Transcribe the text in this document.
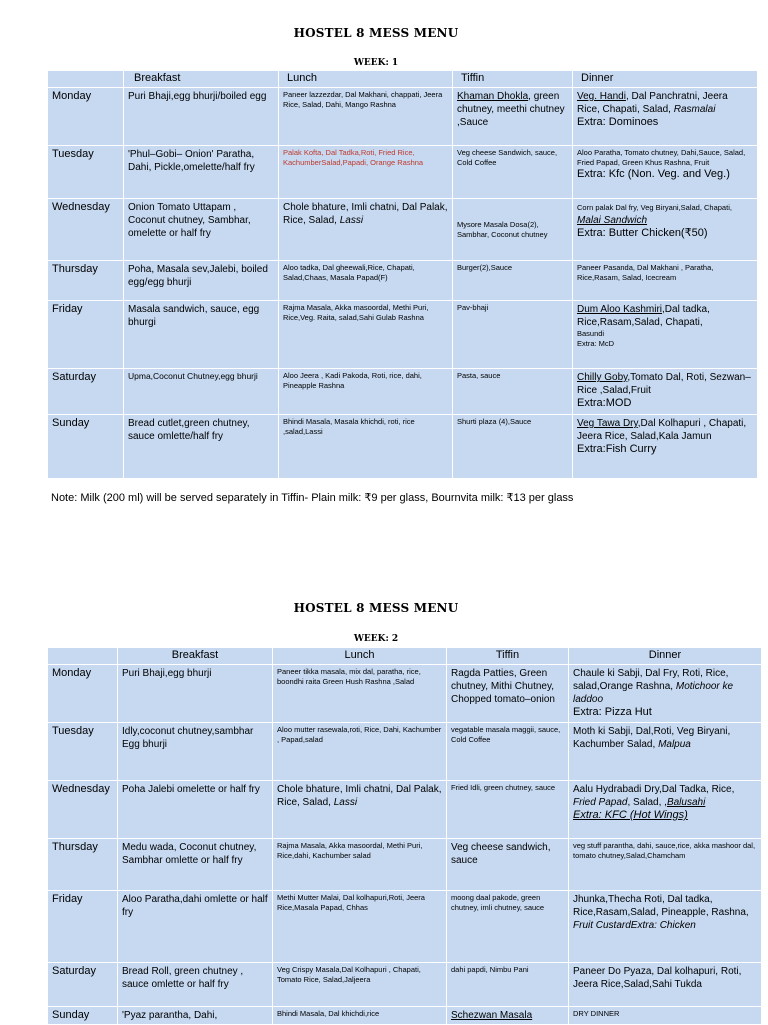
HOSTEL 8 MESS MENU
WEEK: 1
	Breakfast	Lunch	Tiffin	Dinner
Monday	Puri Bhaji,egg bhurji/boiled egg	Paneer lazzezdar, Dal Makhani, chappati, Jeera Rice, Salad, Dahi, Mango Rashna	Khaman Dhokla, green chutney, meethi chutney ,Sauce	Veg. Handi, Dal Panchratni, Jeera Rice, Chapati, Salad, Rasmalai
Extra: Dominoes
Tuesday	'Phul–Gobi– Onion' Paratha, Dahi, Pickle,omelette/half fry	Palak Kofta, Dal Tadka,Roti, Fried Rice, KachumberSalad,Papadi, Orange Rashna	Veg cheese Sandwich, sauce, Cold Coffee	Aloo Paratha, Tomato chutney, Dahi,Sauce, Salad, Fried Papad, Green Khus Rashna, Fruit
Extra: Kfc (Non. Veg. and Veg.)
Wednesday	Onion Tomato Uttapam , Coconut chutney, Sambhar, omelette or half fry	Chole bhature, Imli chatni, Dal Palak, Rice, Salad, Lassi	Mysore Masala Dosa(2), Sambhar, Coconut chutney	Corn palak Dal fry, Veg Biryani,Salad, Chapati, Malai Sandwich
Extra: Butter Chicken(₹50)
Thursday	Poha, Masala sev,Jalebi, boiled egg/egg bhurji	Aloo tadka, Dal gheewali,Rice, Chapati, Salad,Chaas, Masala Papad(F)	Burger(2),Sauce	Paneer Pasanda, Dal Makhani , Paratha, Rice,Rasam, Salad, Icecream
Friday	Masala sandwich, sauce, egg bhurgi	Rajma Masala, Akka masoordal, Methi Puri, Rice,Veg. Raita, salad,Sahi Gulab Rashna	Pav-bhaji	Dum Aloo Kashmiri,Dal tadka, Rice,Rasam,Salad, Chapati,
Basundi
Extra: McD

Saturday	Upma,Coconut Chutney,egg bhurji	Aloo Jeera , Kadi Pakoda, Roti, rice, dahi, Pineapple Rashna	Pasta, sauce	Chilly Goby,Tomato Dal, Roti, Sezwan–Rice ,Salad,Fruit
Extra:MOD
Sunday	Bread cutlet,green chutney, sauce omlette/half fry	Bhindi Masala, Masala khichdi, roti, rice ,salad,Lassi	Shurti plaza (4),Sauce	Veg Tawa Dry,Dal Kolhapuri , Chapati, Jeera Rice, Salad,Kala Jamun
Extra:Fish Curry
Note: Milk (200 ml) will be served separately in Tiffin- Plain milk: ₹9 per glass, Bournvita milk: ₹13 per glass
HOSTEL 8 MESS MENU
WEEK: 2
	Breakfast	Lunch	Tiffin	Dinner
Monday	Puri Bhaji,egg bhurji	Paneer tikka masala, mix dal, paratha, rice, boondhi raita Green Hush Rashna ,Salad	Ragda Patties, Green chutney, Mithi Chutney, Chopped tomato–onion	Chaule ki Sabji, Dal Fry, Roti, Rice, salad,Orange Rashna, Motichoor ke laddoo
Extra: Pizza Hut
Tuesday	Idly,coconut chutney,sambhar Egg bhurji	Aloo mutter rasewala,roti, Rice, Dahi, Kachumber , Papad,salad	vegatable masala maggii, sauce, Cold Coffee	Moth ki Sabji, Dal,Roti, Veg Biryani, Kachumber Salad, Malpua
Wednesday	Poha Jalebi omelette or half fry	Chole bhature, Imli chatni, Dal Palak, Rice, Salad, Lassi	Fried Idli, green chutney, sauce	Aalu Hydrabadi Dry,Dal Tadka, Rice, Fried Papad, Salad, ,Balusahi
Extra: KFC (Hot Wings)
Thursday	Medu wada, Coconut chutney, Sambhar omlette or half fry	Rajma Masala, Akka masoordal, Methi Puri, Rice,dahi, Kachumber salad	Veg cheese sandwich, sauce	veg stuff parantha, dahi, sauce,rice, akka mashoor dal, tomato chutney,Salad,Chamcham
Friday	Aloo Paratha,dahi omlette or half fry	Methi Mutter Malai, Dal kolhapuri,Roti, Jeera Rice,Masala Papad, Chhas	moong daal pakode, green chutney, imli chutney, sauce	Jhunka,Thecha Roti, Dal tadka, Rice,Rasam,Salad, Pineapple, Rashna, Fruit CustardExtra: Chicken
Saturday	Bread Roll, green chutney , sauce omlette or half fry	Veg Crispy Masala,Dal Kolhapuri , Chapati, Tomato Rice, Salad,Jaljeera	dahi papdi, Nimbu Pani	Paneer Do Pyaza, Dal kolhapuri, Roti, Jeera Rice,Salad,Sahi Tukda
Sunday	'Pyaz parantha, Dahi,	Bhindi Masala, Dal khichdi,rice	Schezwan Masala	DRY DINNER
